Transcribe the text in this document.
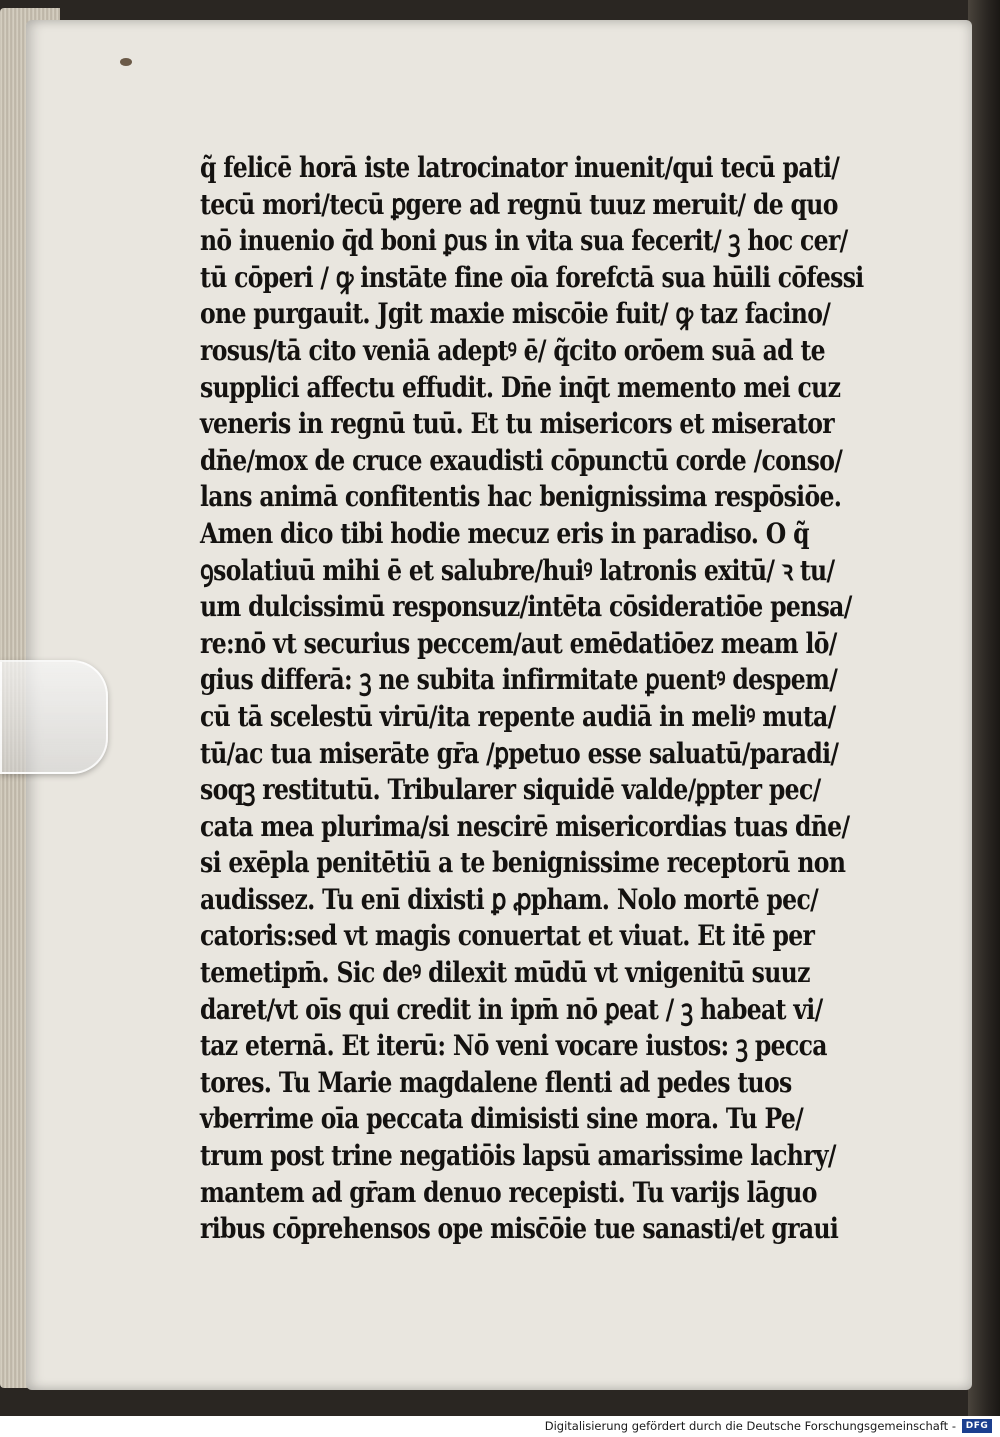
q̃ felicē horā iste latrocinator inuenit/qui tecū pati/
tecū mori/tecū ꝑgere ad regnū tuuz meruit/ de quo
nō inuenio q̄d boni ꝑus in vita sua fecerit/ ꝫ hoc cer/
tū cōperi / ꝙ instāte fine oīa forefctā sua hūili cōfessi
one purgauit. Jgit maxie miscōie fuit/ ꝙ taz facino/
rosus/tā cito veniā adeptꝰ ē/ q̃cito orōem suā ad te
supplici affectu effudit. Dn̄e inq̄t memento mei cuz
veneris in regnū tuū. Et tu misericors et miserator
dn̄e/mox de cruce exaudisti cōpunctū corde /conso/
lans animā confitentis hac benignissima respōsiōe.
Amen dico tibi hodie mecuz eris in paradiso. O q̃
ꝯsolatiuū mihi ē et salubre/huiꝰ latronis exitū/ ꝛ tu/
um dulcissimū responsuz/intēta cōsideratiōe pensa/
re:nō vt securius peccem/aut emēdatiōez meam lō/
gius differā: ꝫ ne subita infirmitate ꝑuentꝰ despem/
cū tā scelestū virū/ita repente audiā in meliꝰ muta/
tū/ac tua miserāte gr̄a /ꝑpetuo esse saluatū/paradi/
soqꝫ restitutū. Tribularer siquidē valde/ꝑpter pec/
cata mea plurima/si nescirē misericordias tuas dn̄e/
si exēpla penitētiū a te benignissime receptorū non
audissez. Tu enī dixisti ꝑ ꝓpham. Nolo mortē pec/
catoris:sed vt magis conuertat et viuat. Et itē per
temetipm̄. Sic deꝰ dilexit mūdū vt vnigenitū suuz
daret/vt oīs qui credit in ipm̄ nō ꝑeat / ꝫ habeat vi/
taz eternā. Et iterū: Nō veni vocare iustos: ꝫ pecca
tores. Tu Marie magdalene flenti ad pedes tuos
vberrime oīa peccata dimisisti sine mora. Tu Pe/
trum post trine negatiōis lapsū amarissime lachry/
mantem ad gr̄am denuo recepisti. Tu varijs lāguo
ribus cōprehensos ope misc̄ōie tue sanasti/et graui
Digitalisierung gefördert durch die Deutsche Forschungsgemeinschaft -	DFG
